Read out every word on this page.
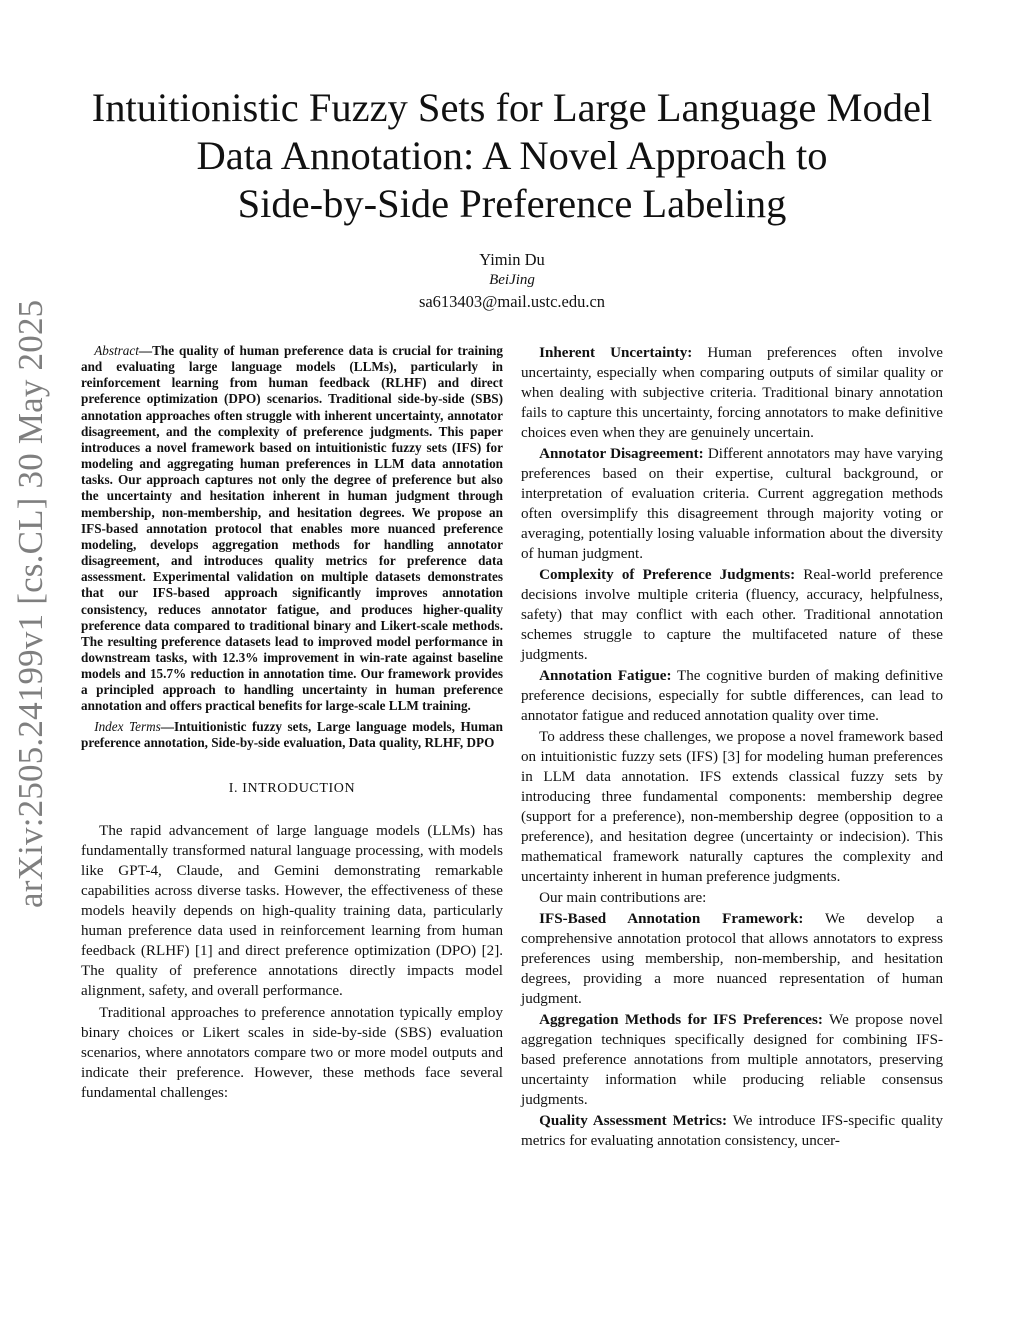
arXiv:2505.24199v1 [cs.CL] 30 May 2025
Intuitionistic Fuzzy Sets for Large Language Model
Data Annotation: A Novel Approach to
Side-by-Side Preference Labeling
Yimin Du
BeiJing
sa613403@mail.ustc.edu.cn

Abstract—The quality of human preference data is crucial for training and evaluating large language models (LLMs), particularly in reinforcement learning from human feedback (RLHF) and direct preference optimization (DPO) scenarios. Traditional side-by-side (SBS) annotation approaches often struggle with inherent uncertainty, annotator disagreement, and the complexity of preference judgments. This paper introduces a novel framework based on intuitionistic fuzzy sets (IFS) for modeling and aggregating human preferences in LLM data annotation tasks. Our approach captures not only the degree of preference but also the uncertainty and hesitation inherent in human judgment through membership, non-membership, and hesitation degrees. We propose an IFS-based annotation protocol that enables more nuanced preference modeling, develops aggregation methods for handling annotator disagreement, and introduces quality metrics for preference data assessment. Experimental validation on multiple datasets demonstrates that our IFS-based approach significantly improves annotation consistency, reduces annotator fatigue, and produces higher-quality preference data compared to traditional binary and Likert-scale methods. The resulting preference datasets lead to improved model performance in downstream tasks, with 12.3% improvement in win-rate against baseline models and 15.7% reduction in annotation time. Our framework provides a principled approach to handling uncertainty in human preference annotation and offers practical benefits for large-scale LLM training.

Index Terms—Intuitionistic fuzzy sets, Large language models, Human preference annotation, Side-by-side evaluation, Data quality, RLHF, DPO

I. INTRODUCTION

The rapid advancement of large language models (LLMs) has fundamentally transformed natural language processing, with models like GPT-4, Claude, and Gemini demonstrating remarkable capabilities across diverse tasks. However, the effectiveness of these models heavily depends on high-quality training data, particularly human preference data used in reinforcement learning from human feedback (RLHF) [1] and direct preference optimization (DPO) [2]. The quality of preference annotations directly impacts model alignment, safety, and overall performance.

Traditional approaches to preference annotation typically employ binary choices or Likert scales in side-by-side (SBS) evaluation scenarios, where annotators compare two or more model outputs and indicate their preference. However, these methods face several fundamental challenges:

Inherent Uncertainty: Human preferences often involve uncertainty, especially when comparing outputs of similar quality or when dealing with subjective criteria. Traditional binary annotation fails to capture this uncertainty, forcing annotators to make definitive choices even when they are genuinely uncertain.

Annotator Disagreement: Different annotators may have varying preferences based on their expertise, cultural background, or interpretation of evaluation criteria. Current aggregation methods often oversimplify this disagreement through majority voting or averaging, potentially losing valuable information about the diversity of human judgment.

Complexity of Preference Judgments: Real-world preference decisions involve multiple criteria (fluency, accuracy, helpfulness, safety) that may conflict with each other. Traditional annotation schemes struggle to capture the multifaceted nature of these judgments.

Annotation Fatigue: The cognitive burden of making definitive preference decisions, especially for subtle differences, can lead to annotator fatigue and reduced annotation quality over time.

To address these challenges, we propose a novel framework based on intuitionistic fuzzy sets (IFS) [3] for modeling human preferences in LLM data annotation. IFS extends classical fuzzy sets by introducing three fundamental components: membership degree (support for a preference), non-membership degree (opposition to a preference), and hesitation degree (uncertainty or indecision). This mathematical framework naturally captures the complexity and uncertainty inherent in human preference judgments.

Our main contributions are:

IFS-Based Annotation Framework: We develop a comprehensive annotation protocol that allows annotators to express preferences using membership, non-membership, and hesitation degrees, providing a more nuanced representation of human judgment.

Aggregation Methods for IFS Preferences: We propose novel aggregation techniques specifically designed for combining IFS-based preference annotations from multiple annotators, preserving uncertainty information while producing reliable consensus judgments.

Quality Assessment Metrics: We introduce IFS-specific quality metrics for evaluating annotation consistency, uncer-
